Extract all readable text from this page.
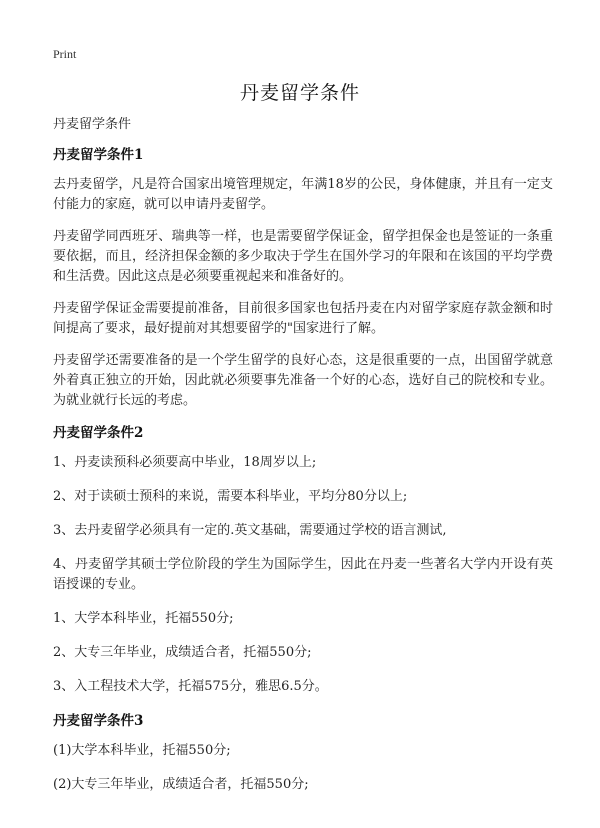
Print
丹麦留学条件

丹麦留学条件

丹麦留学条件1

去丹麦留学，凡是符合国家出境管理规定，年满18岁的公民，身体健康，并且有一定支付能力的家庭，就可以申请丹麦留学。

丹麦留学同西班牙、瑞典等一样，也是需要留学保证金，留学担保金也是签证的一条重要依据，而且，经济担保金额的多少取决于学生在国外学习的年限和在该国的平均学费和生活费。因此这点是必须要重视起来和准备好的。

丹麦留学保证金需要提前准备，目前很多国家也包括丹麦在内对留学家庭存款金额和时间提高了要求，最好提前对其想要留学的"国家进行了解。

丹麦留学还需要准备的是一个学生留学的良好心态，这是很重要的一点，出国留学就意外着真正独立的开始，因此就必须要事先准备一个好的心态，选好自己的院校和专业。为就业就行长远的考虑。

丹麦留学条件2

1、丹麦读预科必须要高中毕业，18周岁以上;

2、对于读硕士预科的来说，需要本科毕业，平均分80分以上;

3、去丹麦留学必须具有一定的.英文基础，需要通过学校的语言测试,

4、丹麦留学其硕士学位阶段的学生为国际学生，因此在丹麦一些著名大学内开设有英语授课的专业。

1、大学本科毕业，托福550分;

2、大专三年毕业，成绩适合者，托福550分;

3、入工程技术大学，托福575分，雅思6.5分。

丹麦留学条件3

(1)大学本科毕业，托福550分;

(2)大专三年毕业，成绩适合者，托福550分;
